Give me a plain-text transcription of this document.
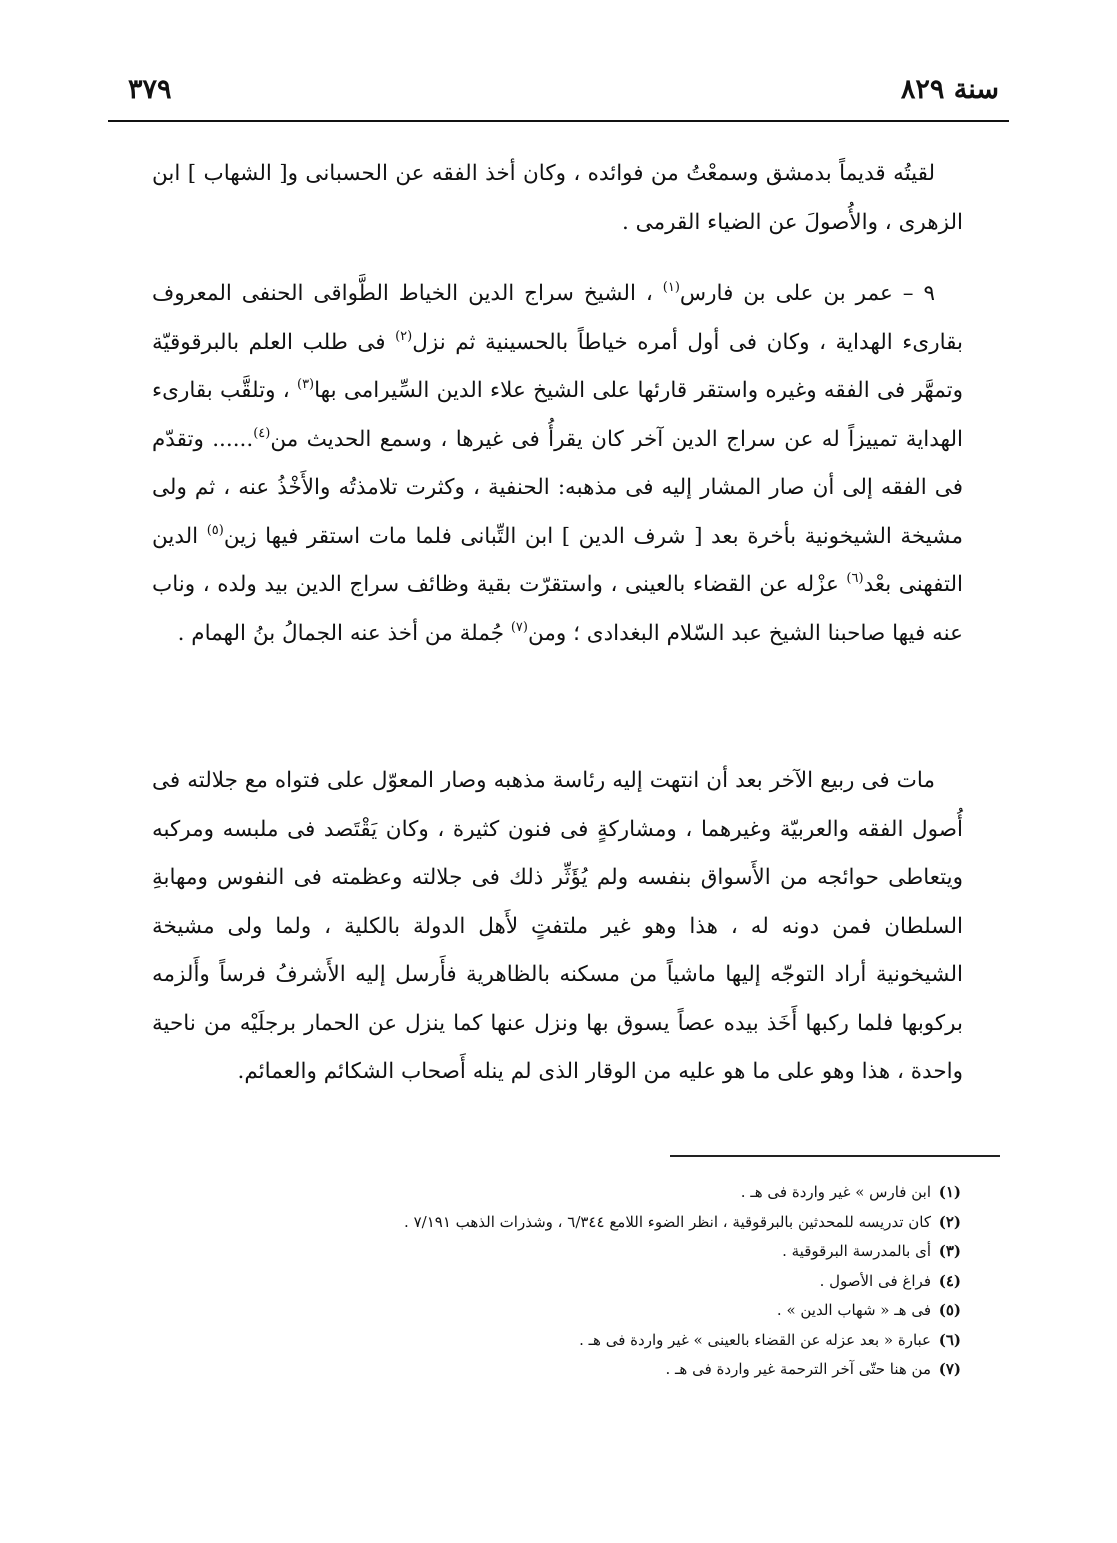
سنة ٨٢٩
٣٧٩

لقيتُه قديماً بدمشق وسمعْتُ من فوائده ، وكان أخذ الفقه عن الحسبانى و[ الشهاب ] ابن الزهرى ، والأُصولَ عن الضياء القرمى .

٩ – عمر بن على بن فارس$^{(١)}$ ، الشيخ سراج الدين الخياط الطَّواقى الحنفى المعروف بقارىء الهداية ، وكان فى أول أمره خياطاً بالحسينية ثم نزل$^{(٢)}$ فى طلب العلم بالبرقوقيّة وتمهَّر فى الفقه وغيره واستقر قارئها على الشيخ علاء الدين السِّيرامى بها$^{(٣)}$ ، وتلقَّب بقارىء الهداية تمييزاً له عن سراج الدين آخر كان يقرأُ فى غيرها ، وسمع الحديث من$^{(٤)}$...... وتقدّم فى الفقه إلى أن صار المشار إليه فى مذهبه: الحنفية ، وكثرت تلامذتُه والأَخْذُ عنه ، ثم ولى مشيخة الشيخونية بأخرة بعد [ شرف الدين ] ابن التِّبانى فلما مات استقر فيها زين$^{(٥)}$ الدين التفهنى بعْد$^{(٦)}$ عزْله عن القضاء بالعينى ، واستقرّت بقية وظائف سراج الدين بيد ولده ، وناب عنه فيها صاحبنا الشيخ عبد السّلام البغدادى ؛ ومن$^{(٧)}$ جُملة من أخذ عنه الجمالُ بنُ الهمام .

مات فى ربيع الآخر بعد أن انتهت إليه رئاسة مذهبه وصار المعوّل على فتواه مع جلالته فى أُصول الفقه والعربيّة وغيرهما ، ومشاركةٍ فى فنون كثيرة ، وكان يَقْتَصد فى ملبسه ومركبه ويتعاطى حوائجه من الأَسواق بنفسه ولم يُؤَثِّر ذلك فى جلالته وعظمته فى النفوس ومهابةِ السلطان فمن دونه له ، هذا وهو غير ملتفتٍ لأَهل الدولة بالكلية ، ولما ولى مشيخة الشيخونية أراد التوجّه إليها ماشياً من مسكنه بالظاهرية فأَرسل إليه الأَشرفُ فرساً وأَلزمه بركوبها فلما ركبها أَخَذ بيده عصاً يسوق بها ونزل عنها كما ينزل عن الحمار برجلَيْه من ناحية واحدة ، هذا وهو على ما هو عليه من الوقار الذى لم ينله أَصحاب الشكائم والعمائم.

(١)ابن فارس » غير واردة فى هـ .
(٢)كان تدريسه للمحدثين بالبرقوقية ، انظر الضوء اللامع ٦/٣٤٤ ، وشذرات الذهب ٧/١٩١ .
(٣)أى بالمدرسة البرقوقية .
(٤)فراغ فى الأصول .
(٥)فى هـ « شهاب الدين » .
(٦)عبارة « بعد عزله عن القضاء بالعينى » غير واردة فى هـ .
(٧)من هنا حتّى آخر الترحمة غير واردة فى هـ .
